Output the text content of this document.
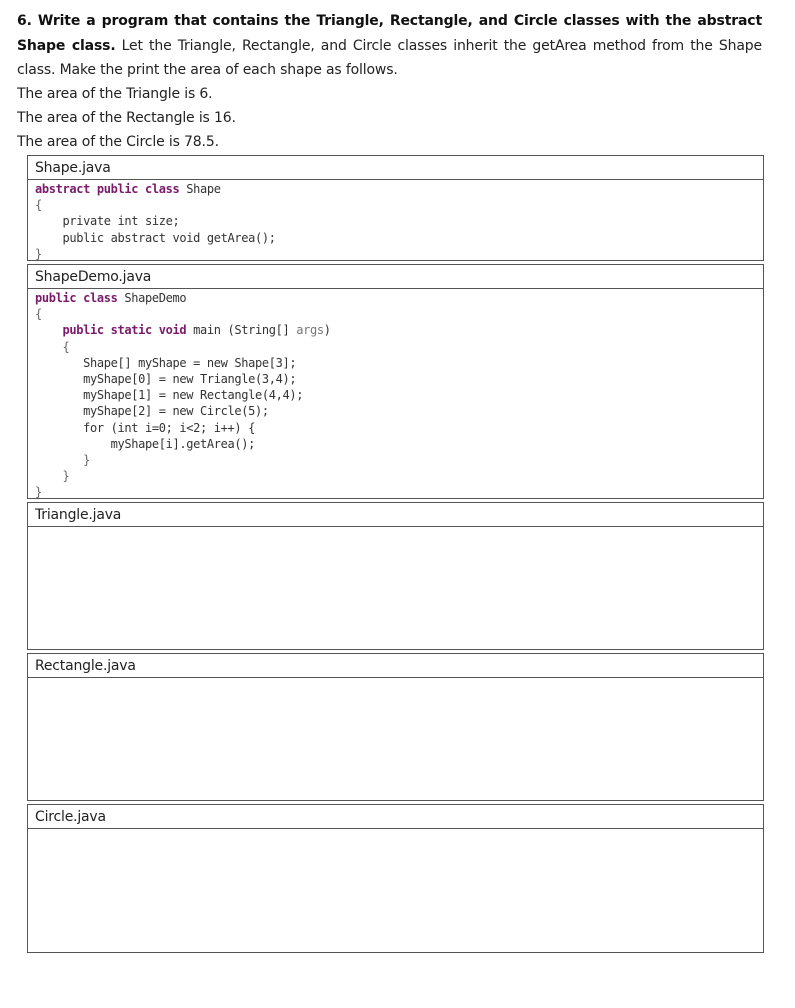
6. Write a program that contains the Triangle, Rectangle, and Circle classes with the abstract Shape class. Let the Triangle, Rectangle, and Circle classes inherit the getArea method from the Shape class. Make the print the area of each shape as follows.
The area of the Triangle is 6.
The area of the Rectangle is 16.
The area of the Circle is 78.5.
Shape.java
abstract public class Shape
{
private int size;
public abstract void getArea();
}
ShapeDemo.java
public class ShapeDemo
{
public static void main (String[] args)
{
Shape[] myShape = new Shape[3];
myShape[0] = new Triangle(3,4);
myShape[1] = new Rectangle(4,4);
myShape[2] = new Circle(5);
for (int i=0; i<2; i++) {
myShape[i].getArea();
}
}
}
Triangle.java
Rectangle.java
Circle.java
